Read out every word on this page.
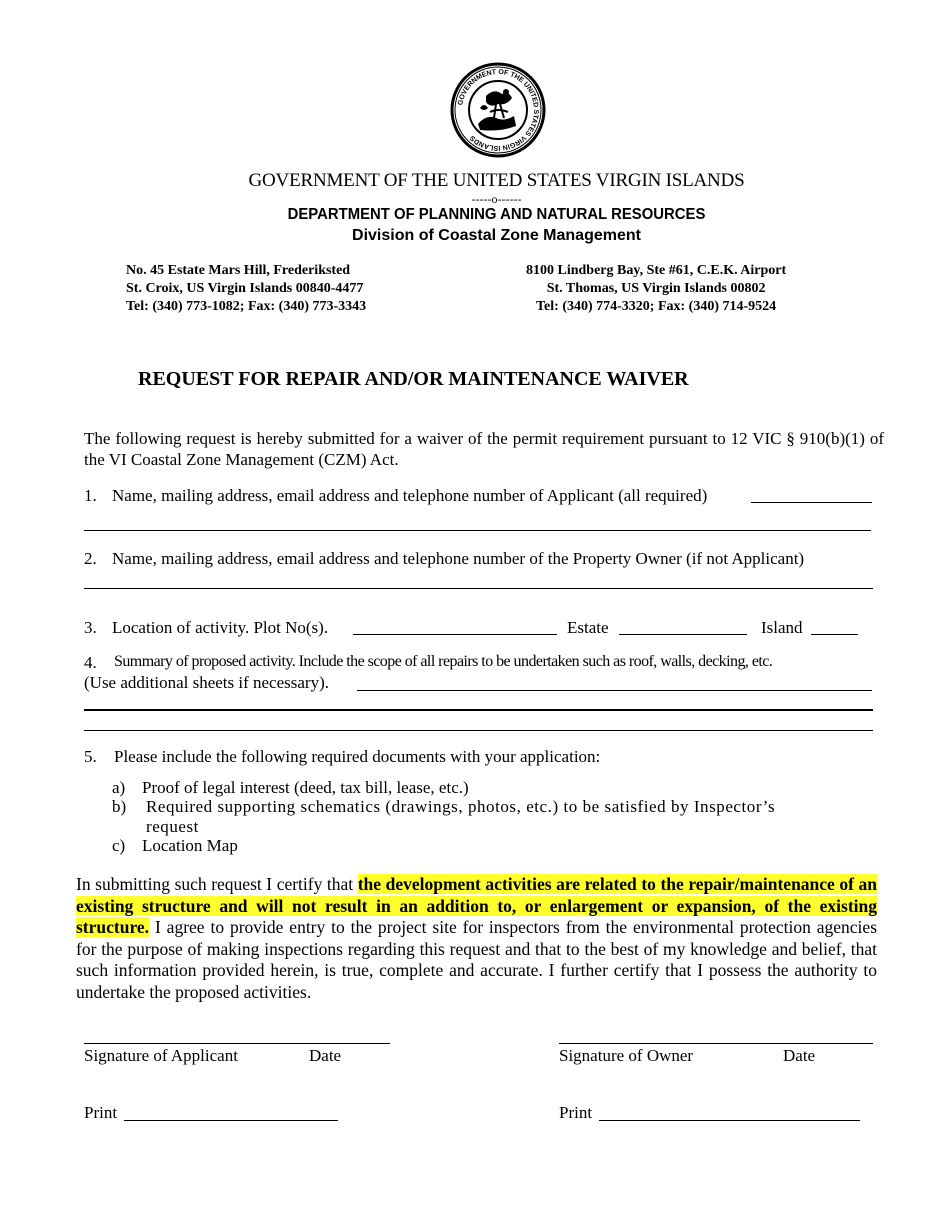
GOVERNMENT OF THE UNITED STATES VIRGIN ISLANDS
GOVERNMENT OF THE UNITED STATES VIRGIN ISLANDS
-----o------
DEPARTMENT OF PLANNING AND NATURAL RESOURCES
Division of Coastal Zone Management
No. 45 Estate Mars Hill, Frederiksted
St. Croix, US Virgin Islands 00840-4477
Tel: (340) 773-1082; Fax: (340) 773-3343
8100 Lindberg Bay, Ste #61, C.E.K. Airport
St. Thomas, US Virgin Islands 00802
Tel: (340) 774-3320; Fax: (340) 714-9524
REQUEST FOR REPAIR AND/OR MAINTENANCE WAIVER
The following request is hereby submitted for a waiver of the permit requirement pursuant to 12 VIC § 910(b)(1) of the VI Coastal Zone Management (CZM) Act.
1. Name, mailing address, email address and telephone number of Applicant (all required)
2. Name, mailing address, email address and telephone number of the Property Owner (if not Applicant)
3. Location of activity. Plot No(s).	Estate	Island
4. Summary of proposed activity. Include the scope of all repairs to be undertaken such as roof, walls, decking, etc.
(Use additional sheets if necessary).
5. Please include the following required documents with your application:
a) Proof of legal interest (deed, tax bill, lease, etc.)
b) Required supporting schematics (drawings, photos, etc.) to be satisfied by Inspector’s
request
c) Location Map
In submitting such request I certify that the development activities are related to the repair/maintenance of an existing structure and will not result in an addition to, or enlargement or expansion, of the existing structure. I agree to provide entry to the project site for inspectors from the environmental protection agencies for the purpose of making inspections regarding this request and that to the best of my knowledge and belief, that such information provided herein, is true, complete and accurate. I further certify that I possess the authority to undertake the proposed activities.
Signature of Applicant	Date	Signature of Owner	Date
Print	Print
